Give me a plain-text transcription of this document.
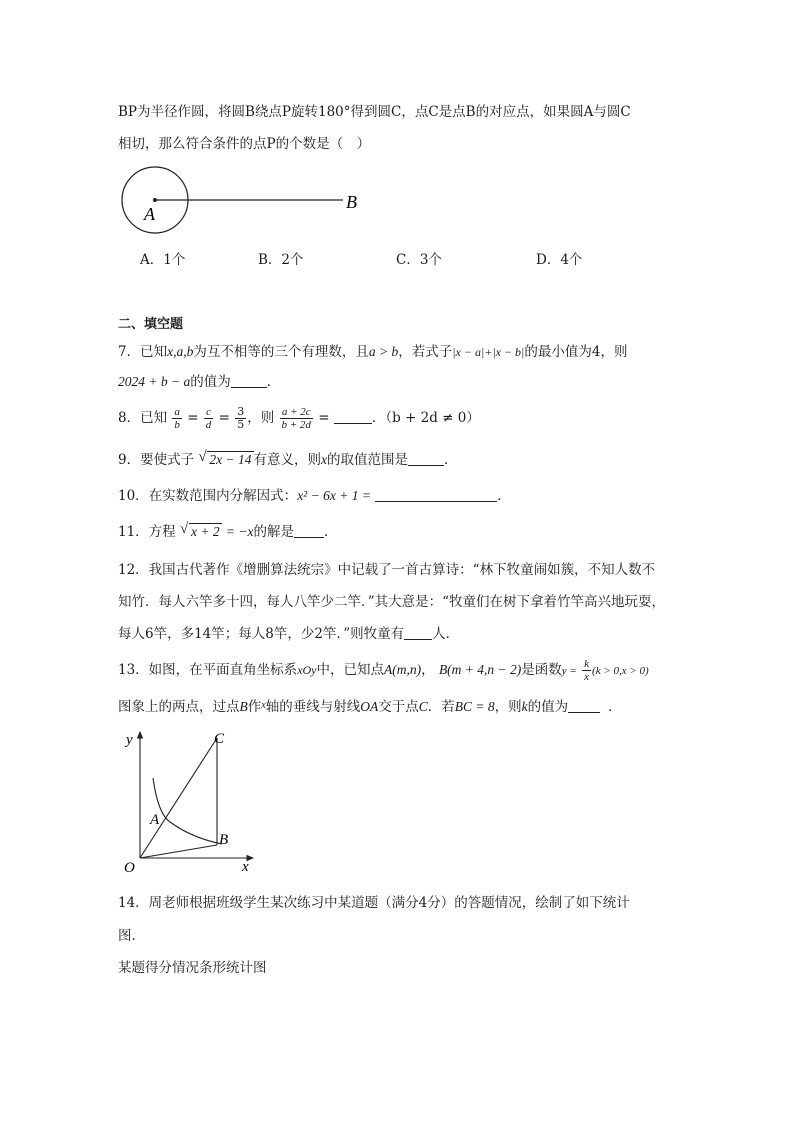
BP为半径作圆，将圆B绕点P旋转180°得到圆C，点C是点B的对应点，如果圆A与圆C
相切，那么符合条件的点P的个数是（　）
A
B
A．1个	B．2个	C．3个	D．4个
二、填空题
7．已知x,a,b为互不相等的三个有理数，且a > b，若式子|x − a|+|x − b|的最小值为4，则
2024 + b − a的值为	．
8．已知 $\frac{a}{b} = \frac{c}{d} = \frac{3}{5}$ ，则 $\frac{a + 2c}{b + 2d}$ =	．（b + 2d ≠ 0）
9．要使式子 √ 2x − 14 有意义，则x的取值范围是	．
10．在实数范围内分解因式：x² − 6x + 1 =	．
11．方程 √ x + 2 = −x的解是 ．
12．我国古代著作《增删算法统宗》中记载了一首古算诗：“林下牧童闹如簇，不知人数不
知竹．每人六竿多十四，每人八竿少二竿．”其大意是：“牧童们在树下拿着竹竿高兴地玩耍，
每人6竿，多14竿；每人8竿，少2竿．”则牧童有 人．
13．如图，在平面直角坐标系xOy中，已知点A(m,n)， B(m + 4,n − 2)是函数$y = \frac{k}{x} (k > 0,x > 0)$
图象上的两点，过点B作$^x$轴的垂线与射线OA交于点C．若BC = 8，则k的值为	．
y
x
O
A
B
C
14．周老师根据班级学生某次练习中某道题（满分4分）的答题情况，绘制了如下统计
图．
某题得分情况条形统计图
